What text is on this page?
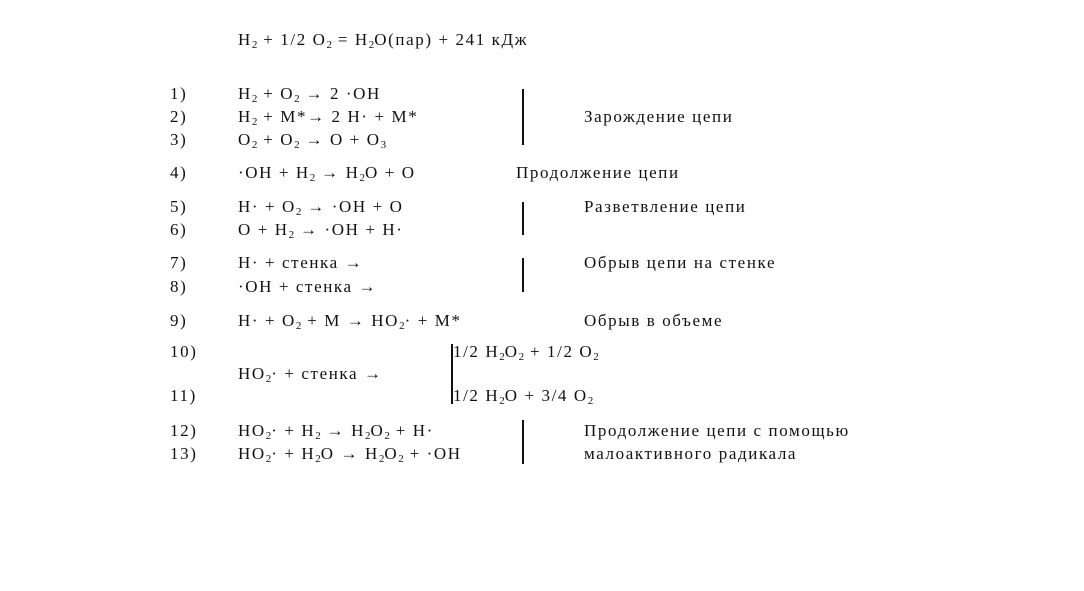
$H_2 + 1/2$ $O_2 = H_2O(пар) + 241$ кДж
1)
2)
3)
4)
5)
6)
7)
8)
9)
10)
11)
12)
13)
$H_2 + O_2 \to 2 \cdot OH$
$H_2 + M*\to 2$ H· + M*
$O_2 + O_2 \to O + O_3$
$\cdot OH + H_2 \to H_2O + O$
$H\cdot + O_2 \to \cdot OH + O$
$O + H_2 \to \cdot OH + H\cdot$
H· + стенка →
·OH + стенка →
$H\cdot + O_2 + M \to HO_2\cdot + M*$
$HO_2\cdot$ + стенка →
1/2 $H_2O_2 + 1/2$ $O_2$
1/2 $H_2O + 3/4$ $O_2$
$HO_2\cdot + H_2 \to H_2O_2 + H\cdot$
$HO_2\cdot + H_2O \to H_2O_2 + \cdot OH$
Зарождение цепи
Продолжение цепи
Разветвление цепи
Обрыв цепи на стенке
Обрыв в объеме
Продолжение цепи с помощью
малоактивного радикала
